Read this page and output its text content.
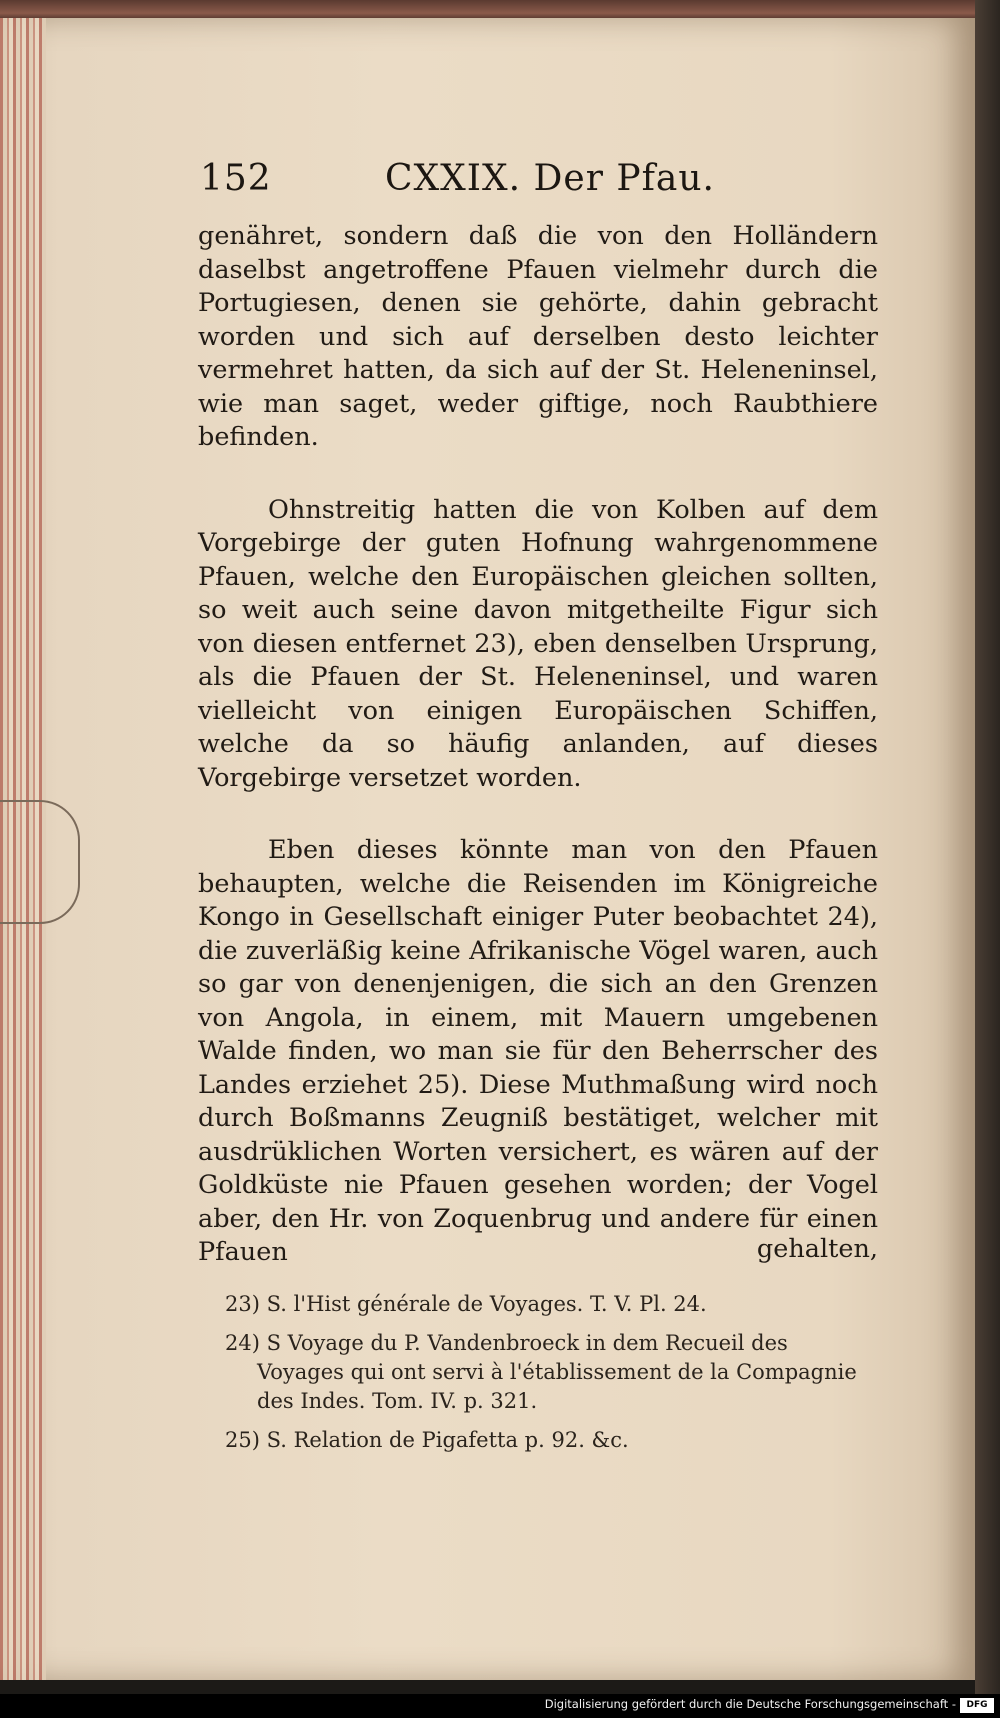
152	CXXIX. Der Pfau.

genähret, sondern daß die von den Holländern daselbst angetroffene Pfauen vielmehr durch die Portugiesen, denen sie gehörte, dahin gebracht worden und sich auf derselben desto leichter vermehret hatten, da sich auf der St. Heleneninsel, wie man saget, weder giftige, noch Raubthiere befinden.

Ohnstreitig hatten die von Kolben auf dem Vorgebirge der guten Hofnung wahrgenommene Pfauen, welche den Europäischen gleichen sollten, so weit auch seine davon mitgetheilte Figur sich von diesen entfernet 23), eben denselben Ursprung, als die Pfauen der St. Heleneninsel, und waren vielleicht von einigen Europäischen Schiffen, welche da so häufig anlanden, auf dieses Vorgebirge versetzet worden.

Eben dieses könnte man von den Pfauen behaupten, welche die Reisenden im Königreiche Kongo in Gesellschaft einiger Puter beobachtet 24), die zuverläßig keine Afrikanische Vögel waren, auch so gar von denenjenigen, die sich an den Grenzen von Angola, in einem, mit Mauern umgebenen Walde finden, wo man sie für den Beherrscher des Landes erziehet 25). Diese Muthmaßung wird noch durch Boßmanns Zeugniß bestätiget, welcher mit ausdrüklichen Worten versichert, es wären auf der Goldküste nie Pfauen gesehen worden; der Vogel aber, den Hr. von Zoquenbrug und andere für einen Pfauen	gehalten,
23) S. l'Hist générale de Voyages. T. V. Pl. 24.
24) S Voyage du P. Vandenbroeck in dem Recueil des Voyages qui ont servi à l'établissement de la Compagnie des Indes. Tom. IV. p. 321.
25) S. Relation de Pigafetta p. 92. &c.
Digitalisierung gefördert durch die Deutsche Forschungsgemeinschaft -	DFG
